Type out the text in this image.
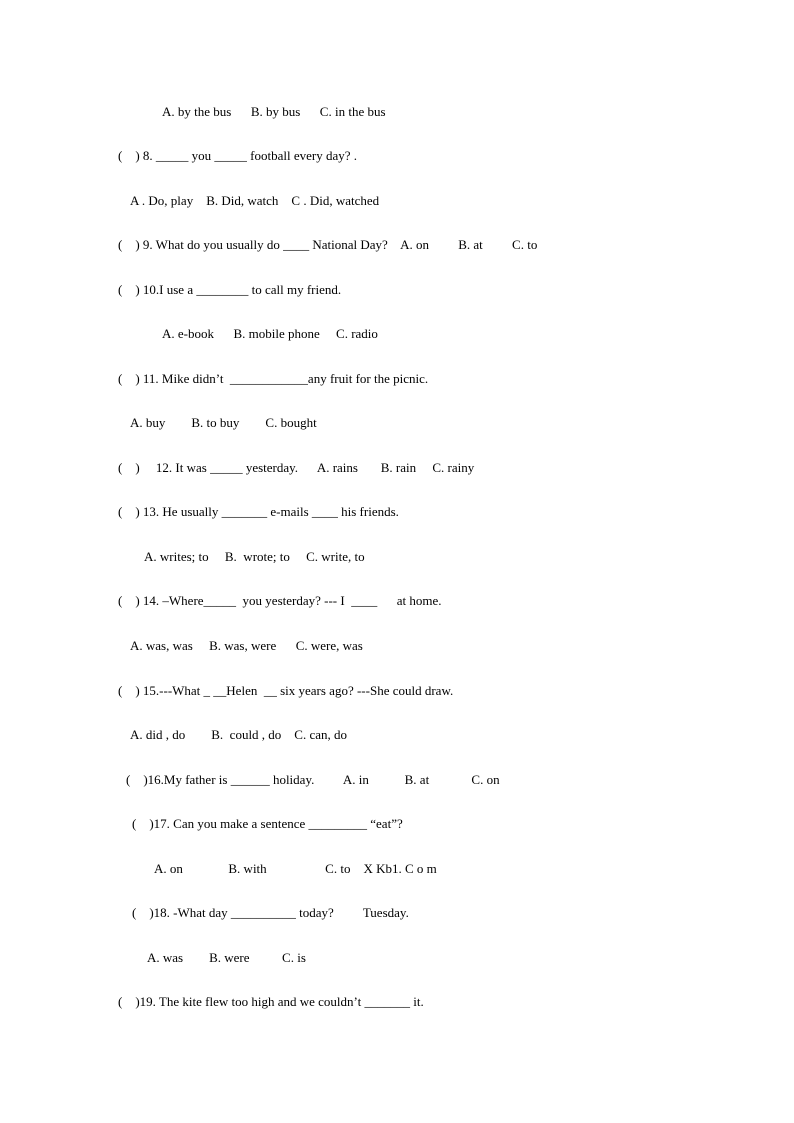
A. by the bus      B. by bus      C. in the bus
(    ) 8. _____ you _____ football every day? .
A . Do, play    B. Did, watch    C . Did, watched
(    ) 9. What do you usually do ____ National Day?    A. on         B. at         C. to
(    ) 10.I use a ________ to call my friend.
A. e-book      B. mobile phone     C. radio
(    ) 11. Mike didn’t  ____________any fruit for the picnic.
A. buy        B. to buy        C. bought
(    )     12. It was _____ yesterday.      A. rains       B. rain     C. rainy
(    ) 13. He usually _______ e-mails ____ his friends.
A. writes; to     B.  wrote; to     C. write, to
(    ) 14. –Where_____  you yesterday? --- I  ____      at home.
A. was, was     B. was, were      C. were, was
(    ) 15.---What _ __Helen  __ six years ago? ---She could draw.
A. did , do        B.  could , do    C. can, do
(    )16.My father is ______ holiday.         A. in           B. at             C. on
(    )17. Can you make a sentence _________ “eat”?
A. on              B. with                  C. to    X Kb1. C o m
(    )18. -What day __________ today?         Tuesday.
A. was        B. were          C. is
(    )19. The kite flew too high and we couldn’t _______ it.
